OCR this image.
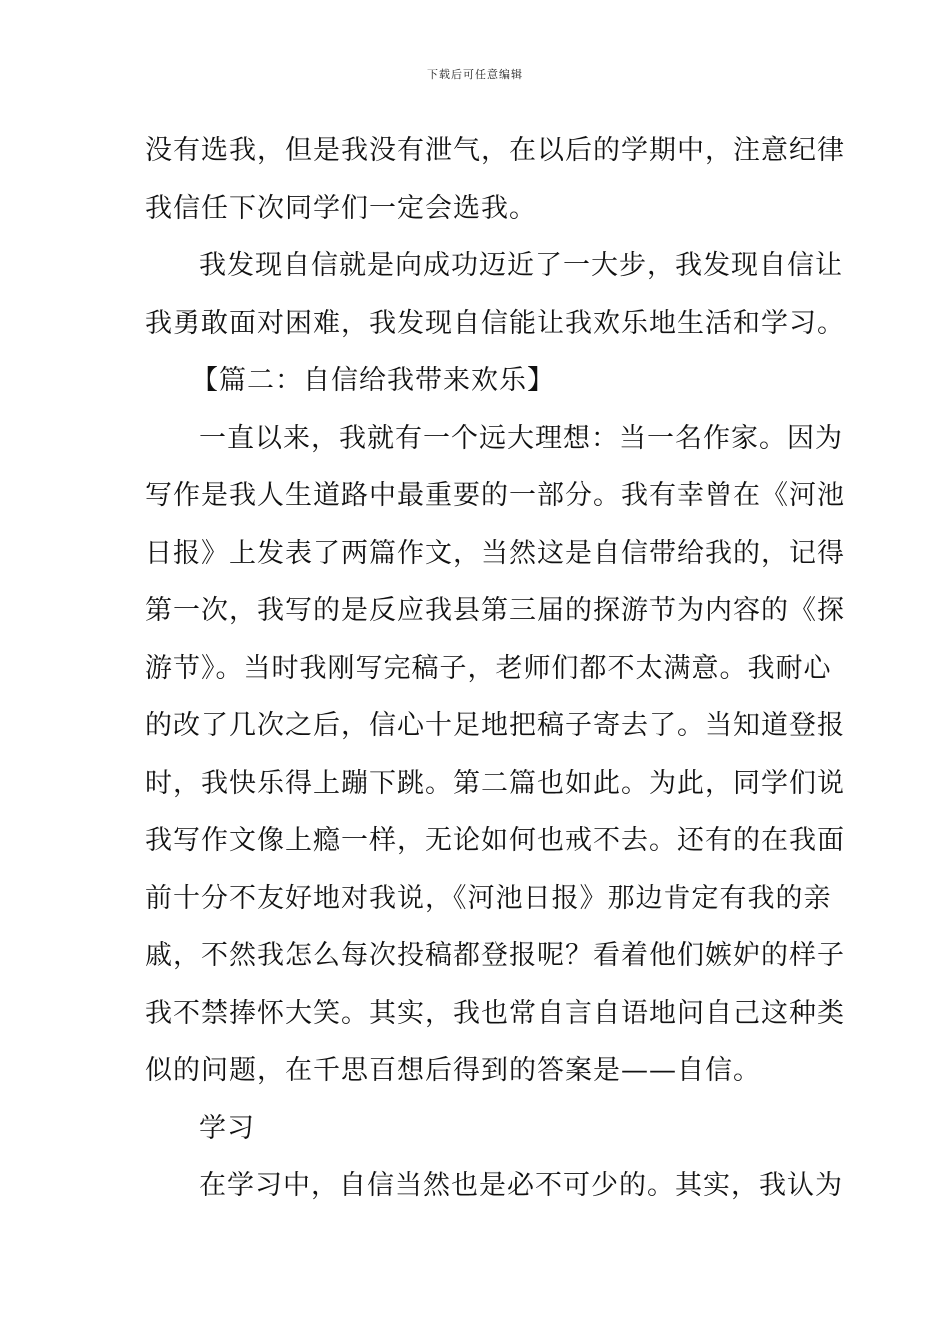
下载后可任意编辑
没有选我，但是我没有泄气，在以后的学期中，注意纪律
我信任下次同学们一定会选我。
我发现自信就是向成功迈近了一大步，我发现自信让
我勇敢面对困难，我发现自信能让我欢乐地生活和学习。
【篇二：自信给我带来欢乐】
一直以来，我就有一个远大理想：当一名作家。因为
写作是我人生道路中最重要的一部分。我有幸曾在《河池
日报》上发表了两篇作文，当然这是自信带给我的，记得
第一次，我写的是反应我县第三届的探游节为内容的《探
游节》。当时我刚写完稿子，老师们都不太满意。我耐心
的改了几次之后，信心十足地把稿子寄去了。当知道登报
时，我快乐得上蹦下跳。第二篇也如此。为此，同学们说
我写作文像上瘾一样，无论如何也戒不去。还有的在我面
前十分不友好地对我说，《河池日报》那边肯定有我的亲
戚，不然我怎么每次投稿都登报呢？看着他们嫉妒的样子
我不禁捧怀大笑。其实，我也常自言自语地问自己这种类
似的问题，在千思百想后得到的答案是——自信。
学习
在学习中，自信当然也是必不可少的。其实，我认为
